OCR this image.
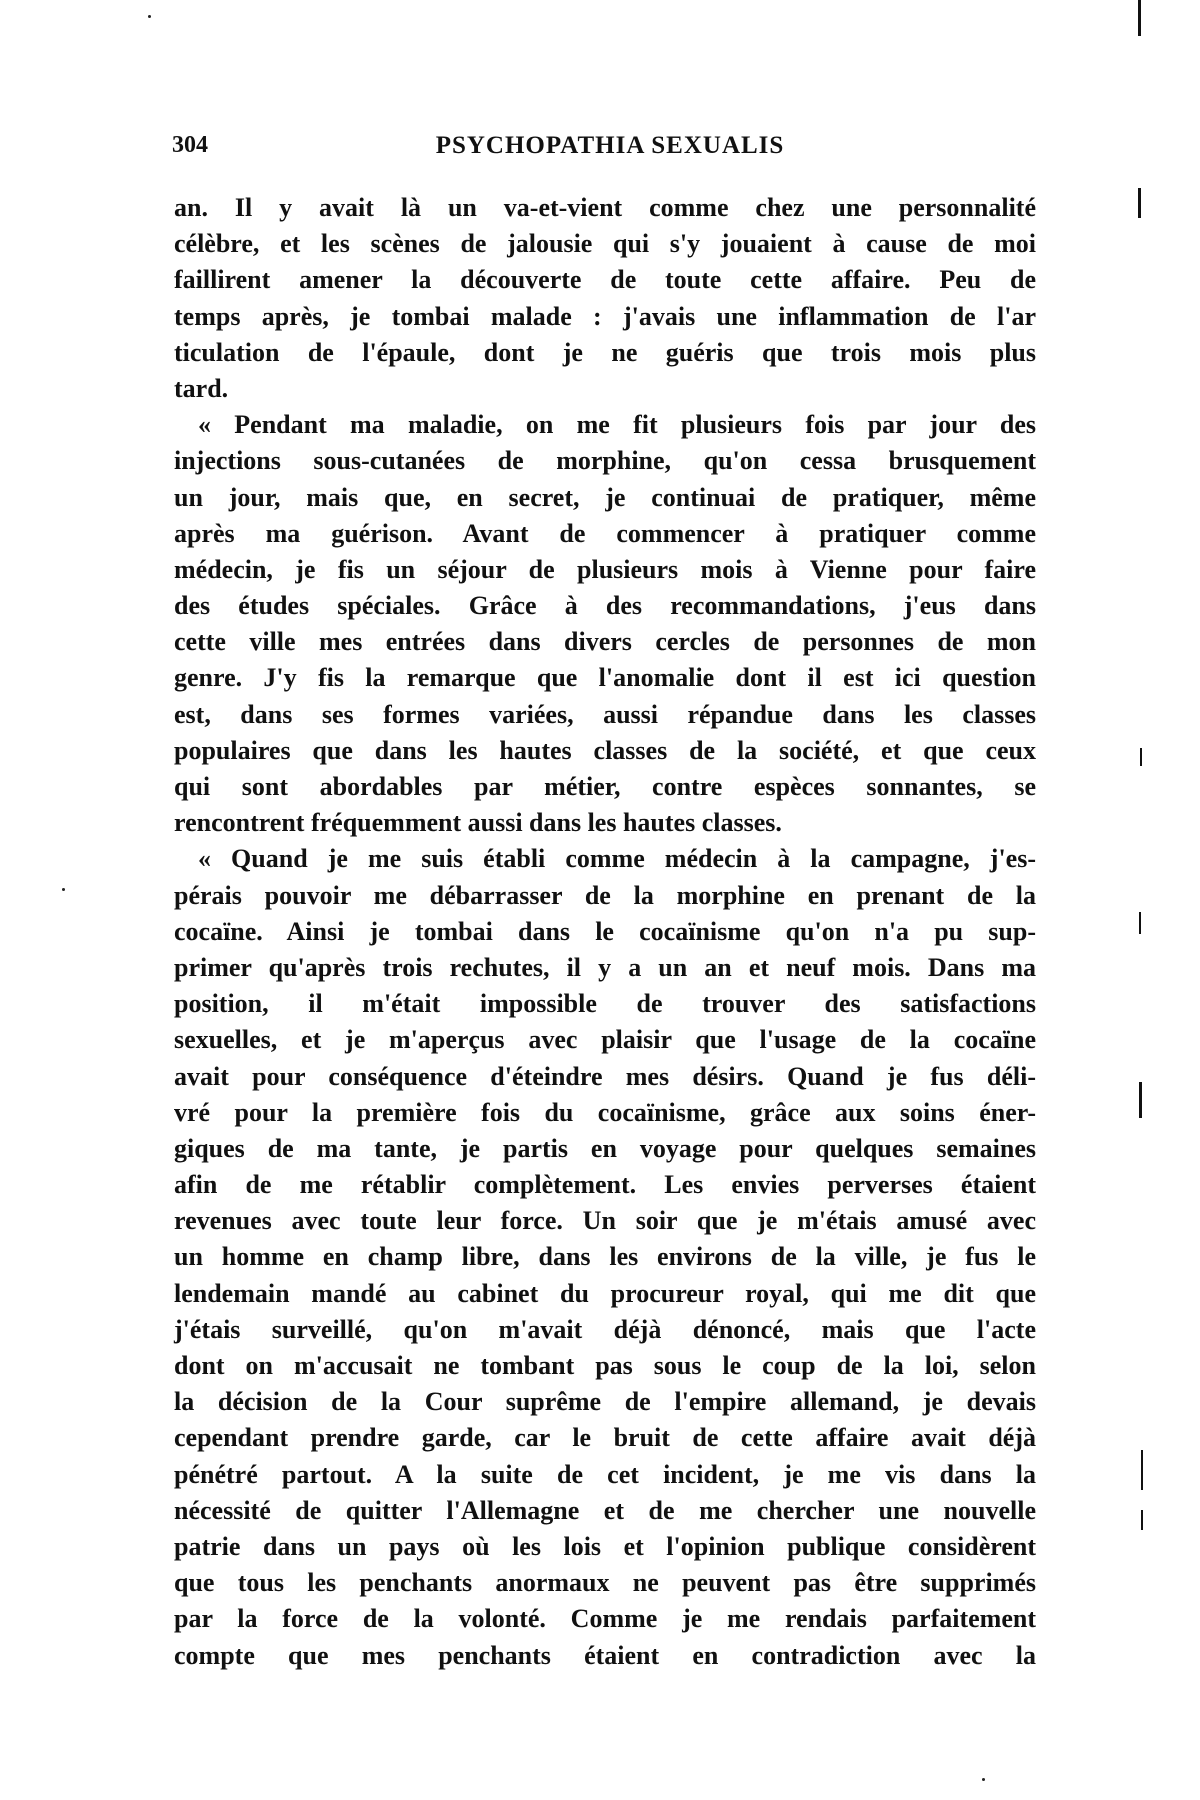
304	PSYCHOPATHIA SEXUALIS
an. Il y avait là un va-et-vient comme chez une personnalité
célèbre, et les scènes de jalousie qui s'y jouaient à cause de moi
faillirent amener la découverte de toute cette affaire. Peu de
temps après, je tombai malade : j'avais une inflammation de l'ar
ticulation de l'épaule, dont je ne guéris que trois mois plus
tard.
« Pendant ma maladie, on me fit plusieurs fois par jour des
injections sous-cutanées de morphine, qu'on cessa brusquement
un jour, mais que, en secret, je continuai de pratiquer, même
après ma guérison. Avant de commencer à pratiquer comme
médecin, je fis un séjour de plusieurs mois à Vienne pour faire
des études spéciales. Grâce à des recommandations, j'eus dans
cette ville mes entrées dans divers cercles de personnes de mon
genre. J'y fis la remarque que l'anomalie dont il est ici question
est, dans ses formes variées, aussi répandue dans les classes
populaires que dans les hautes classes de la société, et que ceux
qui sont abordables par métier, contre espèces sonnantes, se
rencontrent fréquemment aussi dans les hautes classes.
« Quand je me suis établi comme médecin à la campagne, j'es-
pérais pouvoir me débarrasser de la morphine en prenant de la
cocaïne. Ainsi je tombai dans le cocaïnisme qu'on n'a pu sup-
primer qu'après trois rechutes, il y a un an et neuf mois. Dans ma
position, il m'était impossible de trouver des satisfactions
sexuelles, et je m'aperçus avec plaisir que l'usage de la cocaïne
avait pour conséquence d'éteindre mes désirs. Quand je fus déli-
vré pour la première fois du cocaïnisme, grâce aux soins éner-
giques de ma tante, je partis en voyage pour quelques semaines
afin de me rétablir complètement. Les envies perverses étaient
revenues avec toute leur force. Un soir que je m'étais amusé avec
un homme en champ libre, dans les environs de la ville, je fus le
lendemain mandé au cabinet du procureur royal, qui me dit que
j'étais surveillé, qu'on m'avait déjà dénoncé, mais que l'acte
dont on m'accusait ne tombant pas sous le coup de la loi, selon
la décision de la Cour suprême de l'empire allemand, je devais
cependant prendre garde, car le bruit de cette affaire avait déjà
pénétré partout. A la suite de cet incident, je me vis dans la
nécessité de quitter l'Allemagne et de me chercher une nouvelle
patrie dans un pays où les lois et l'opinion publique considèrent
que tous les penchants anormaux ne peuvent pas être supprimés
par la force de la volonté. Comme je me rendais parfaitement
compte que mes penchants étaient en contradiction avec la
